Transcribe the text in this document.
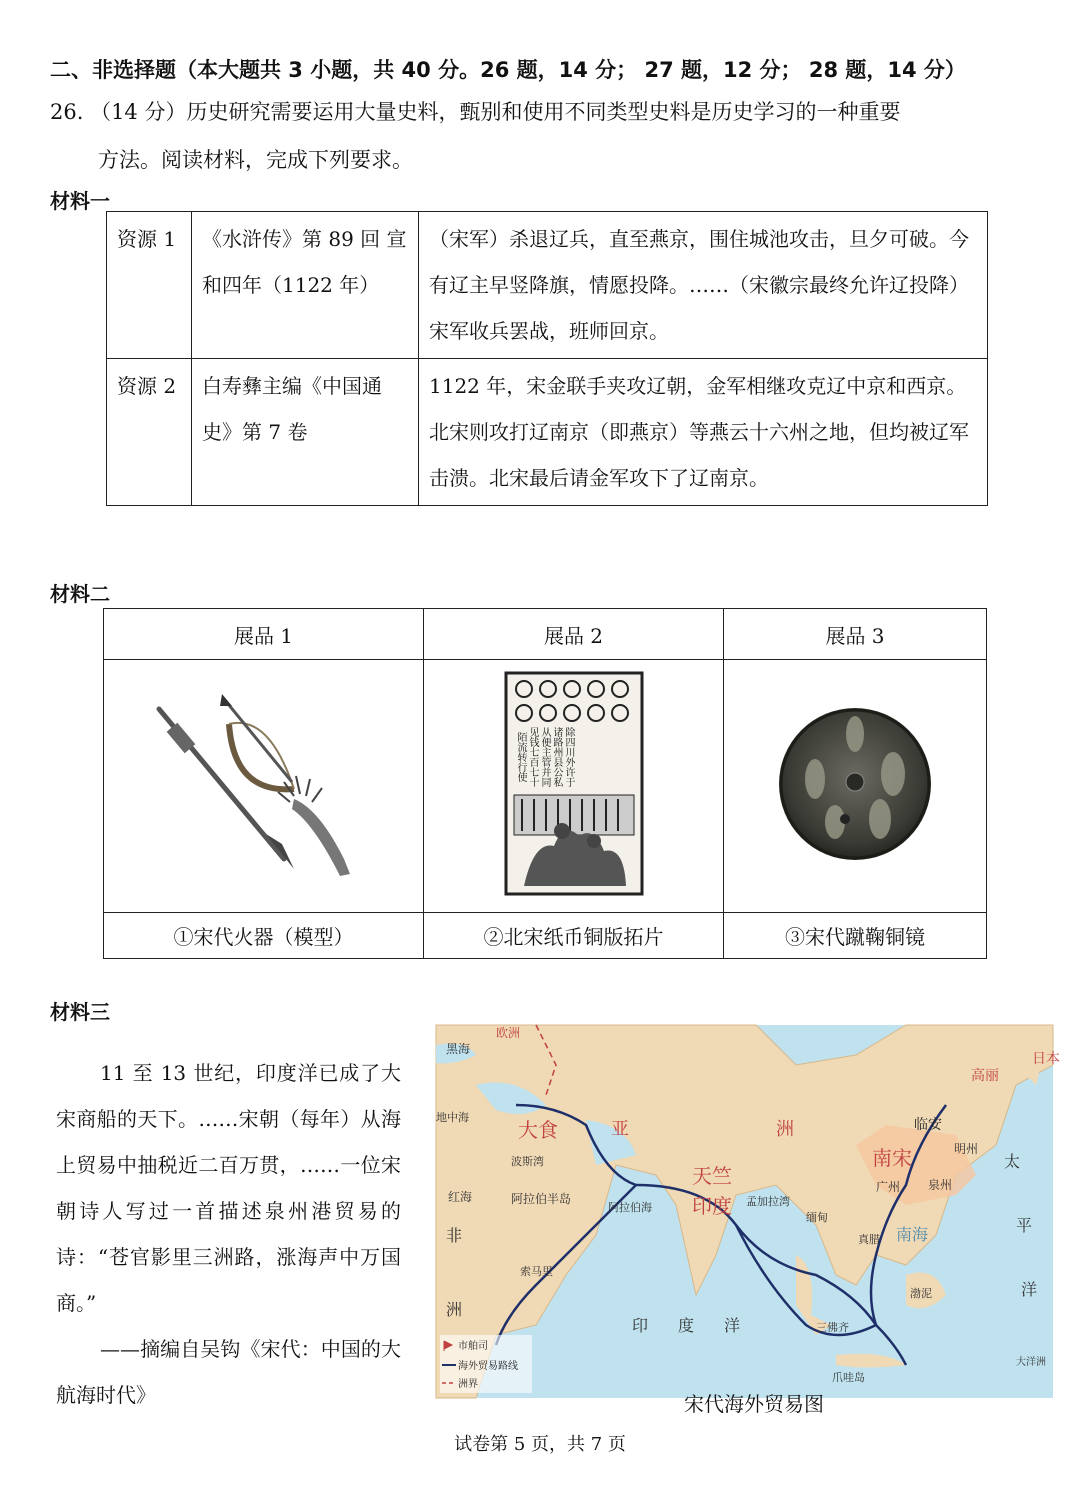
二、非选择题（本大题共 3 小题，共 40 分。26 题，14 分； 27 题，12 分； 28 题，14 分）
26. （14 分）历史研究需要运用大量史料，甄别和使用不同类型史料是历史学习的一种重要
方法。阅读材料，完成下列要求。
材料一
资源 1	《水浒传》第 89 回 宣和四年（1122 年）	（宋军）杀退辽兵，直至燕京，围住城池攻击，旦夕可破。今有辽主早竖降旗，情愿投降。……（宋徽宗最终允许辽投降）宋军收兵罢战，班师回京。
资源 2	白寿彝主编《中国通史》第 7 卷	1122 年，宋金联手夹攻辽朝，金军相继攻克辽中京和西京。北宋则攻打辽南京（即燕京）等燕云十六州之地，但均被辽军击溃。北宋最后请金军攻下了辽南京。
材料二
展品 1	展品 2	展品 3

除四川外许于诸路州县公私从便主管并同见钱七百七十陌流转行使

①宋代火器（模型）	②北宋纸币铜版拓片	③宋代蹴鞠铜镜
材料三
11 至 13 世纪，印度洋已成了大宋商船的天下。……宋朝（每年）从海上贸易中抽税近二百万贯，……一位宋朝诗人写过一首描述泉州港贸易的诗：“苍官影里三洲路，涨海声中万国商。”
——摘编自吴钩《宋代：中国的大航海时代》
黑海
欧洲
地中海
大食	亚	洲
波斯湾
阿拉伯半岛
红海
非
洲
索马里
阿拉伯海
天竺
印度 孟加拉湾
缅甸
南宋
临安
明州
广州 泉州
南海
太
平
洋
印度洋	三佛齐
爪哇岛
渤泥
高丽
日本
真腊
大洋洲
市舶司
海外贸易路线
洲界
宋代海外贸易图
试卷第 5 页，共 7 页
